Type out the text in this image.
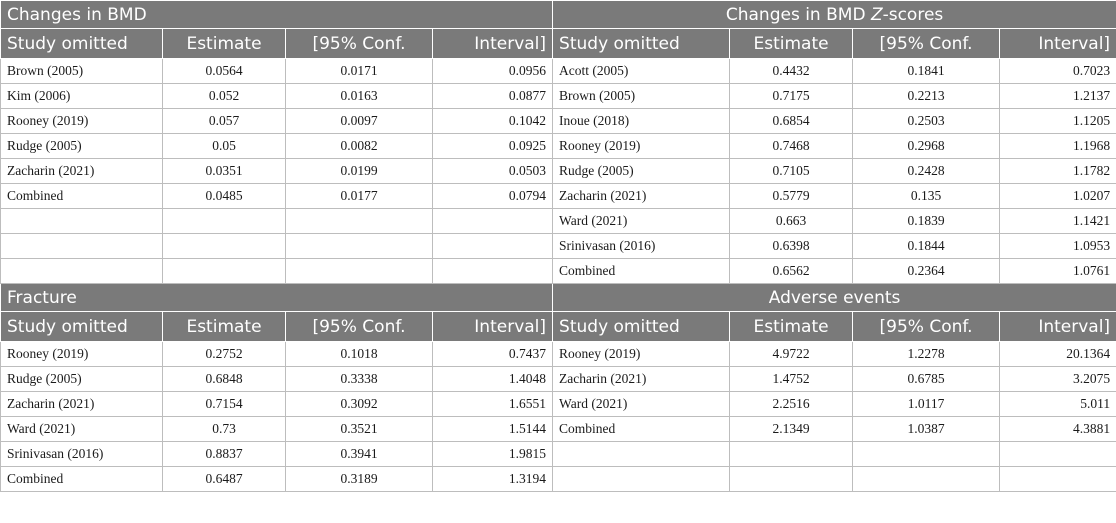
Changes in BMD				Changes in BMD Z-scores			
Study omitted	Estimate	[95% Conf.	Interval]	Study omitted	Estimate	[95% Conf.	Interval]
Brown (2005)	0.0564	0.0171	0.0956	Acott (2005)	0.4432	0.1841	0.7023
Kim (2006)	0.052	0.0163	0.0877	Brown (2005)	0.7175	0.2213	1.2137
Rooney (2019)	0.057	0.0097	0.1042	Inoue (2018)	0.6854	0.2503	1.1205
Rudge (2005)	0.05	0.0082	0.0925	Rooney (2019)	0.7468	0.2968	1.1968
Zacharin (2021)	0.0351	0.0199	0.0503	Rudge (2005)	0.7105	0.2428	1.1782
Combined	0.0485	0.0177	0.0794	Zacharin (2021)	0.5779	0.135	1.0207
				Ward (2021)	0.663	0.1839	1.1421
				Srinivasan (2016)	0.6398	0.1844	1.0953
				Combined	0.6562	0.2364	1.0761
Fracture				Adverse events			
Study omitted	Estimate	[95% Conf.	Interval]	Study omitted	Estimate	[95% Conf.	Interval]
Rooney (2019)	0.2752	0.1018	0.7437	Rooney (2019)	4.9722	1.2278	20.1364
Rudge (2005)	0.6848	0.3338	1.4048	Zacharin (2021)	1.4752	0.6785	3.2075
Zacharin (2021)	0.7154	0.3092	1.6551	Ward (2021)	2.2516	1.0117	5.011
Ward (2021)	0.73	0.3521	1.5144	Combined	2.1349	1.0387	4.3881
Srinivasan (2016)	0.8837	0.3941	1.9815				
Combined	0.6487	0.3189	1.3194				
